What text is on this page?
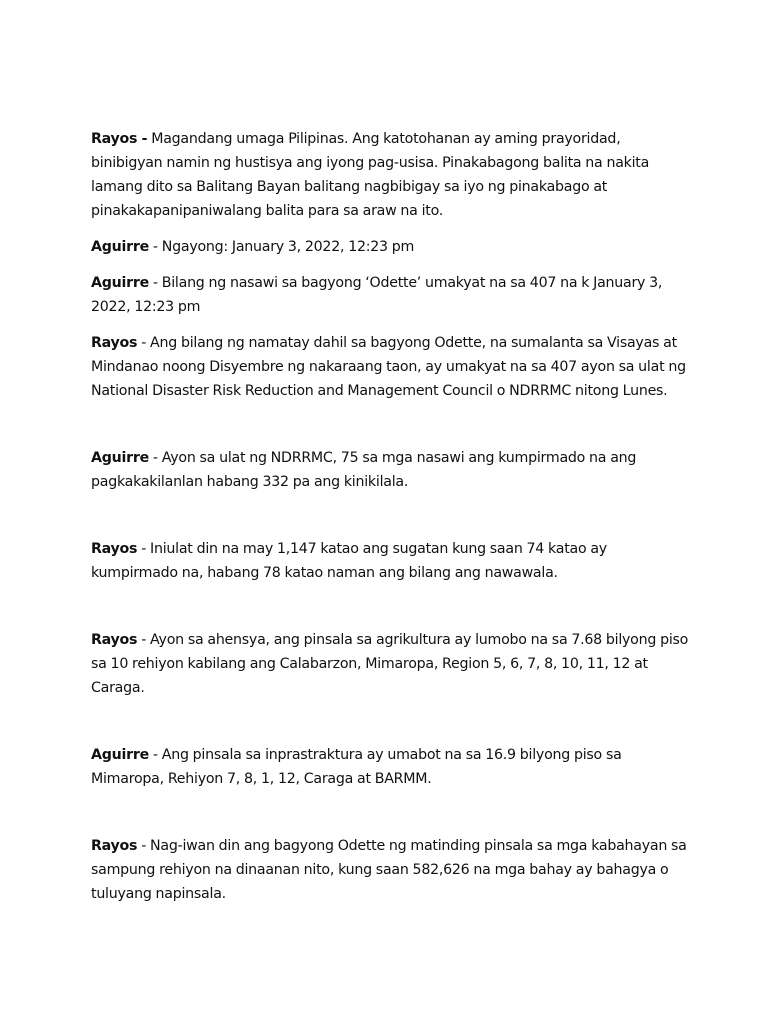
Rayos - Magandang umaga Pilipinas. Ang katotohanan ay aming prayoridad, binibigyan namin ng hustisya ang iyong pag-usisa. Pinakabagong balita na nakita lamang dito sa Balitang Bayan balitang nagbibigay sa iyo ng pinakabago at pinakakapanipaniwalang balita para sa araw na ito.

Aguirre - Ngayong: January 3, 2022, 12:23 pm

Aguirre - Bilang ng nasawi sa bagyong ‘Odette’ umakyat na sa 407 na k January 3, 2022, 12:23 pm

Rayos - Ang bilang ng namatay dahil sa bagyong Odette, na sumalanta sa Visayas at Mindanao noong Disyembre ng nakaraang taon, ay umakyat na sa 407 ayon sa ulat ng National Disaster Risk Reduction and Management Council o NDRRMC nitong Lunes.

Aguirre - Ayon sa ulat ng NDRRMC, 75 sa mga nasawi ang kumpirmado na ang pagkakakilanlan habang 332 pa ang kinikilala.

Rayos - Iniulat din na may 1,147 katao ang sugatan kung saan 74 katao ay kumpirmado na, habang 78 katao naman ang bilang ang nawawala.

Rayos - Ayon sa ahensya, ang pinsala sa agrikultura ay lumobo na sa 7.68 bilyong piso sa 10 rehiyon kabilang ang Calabarzon, Mimaropa, Region 5, 6, 7, 8, 10, 11, 12 at Caraga.

Aguirre - Ang pinsala sa inprastraktura ay umabot na sa 16.9 bilyong piso sa Mimaropa, Rehiyon 7, 8, 1, 12, Caraga at BARMM.

Rayos - Nag-iwan din ang bagyong Odette ng matinding pinsala sa mga kabahayan sa sampung rehiyon na dinaanan nito, kung saan 582,626 na mga bahay ay bahagya o tuluyang napinsala.
